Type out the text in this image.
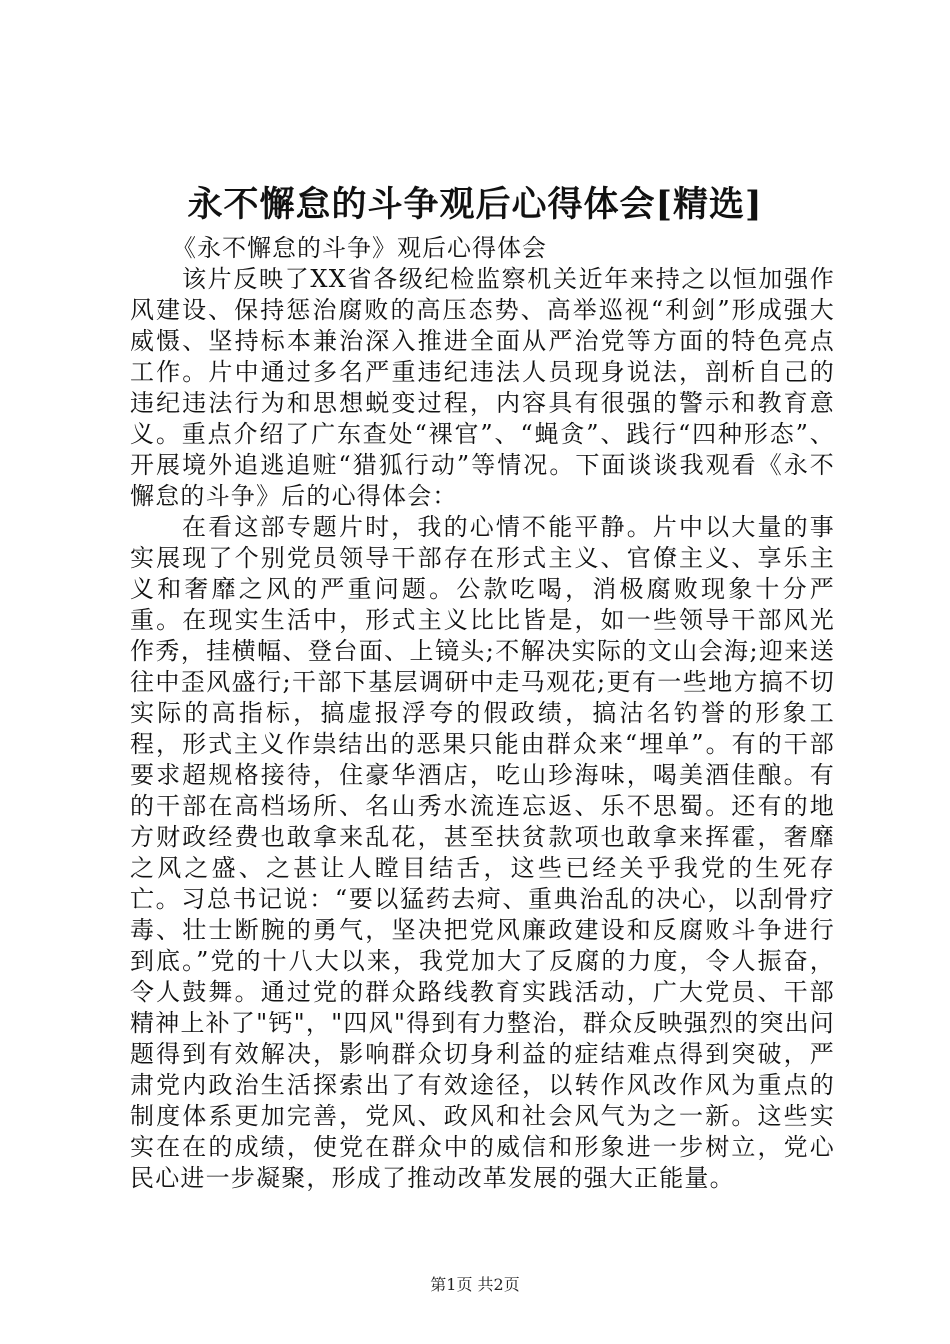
永不懈怠的斗争观后心得体会[精选]

《永不懈怠的斗争》观后心得体会

该片反映了XX省各级纪检监察机关近年来持之以恒加强作风建设、保持惩治腐败的高压态势、高举巡视“利剑”形成强大威慑、坚持标本兼治深入推进全面从严治党等方面的特色亮点工作。片中通过多名严重违纪违法人员现身说法，剖析自己的违纪违法行为和思想蜕变过程，内容具有很强的警示和教育意义。重点介绍了广东查处“裸官”、“蝇贪”、践行“四种形态”、开展境外追逃追赃“猎狐行动”等情况。下面谈谈我观看《永不懈怠的斗争》后的心得体会：

在看这部专题片时，我的心情不能平静。片中以大量的事实展现了个别党员领导干部存在形式主义、官僚主义、享乐主义和奢靡之风的严重问题。公款吃喝，消极腐败现象十分严重。在现实生活中，形式主义比比皆是，如一些领导干部风光作秀，挂横幅、登台面、上镜头;不解决实际的文山会海;迎来送往中歪风盛行;干部下基层调研中走马观花;更有一些地方搞不切实际的高指标，搞虚报浮夸的假政绩，搞沽名钓誉的形象工程，形式主义作祟结出的恶果只能由群众来“埋单”。有的干部要求超规格接待，住豪华酒店，吃山珍海味，喝美酒佳酿。有的干部在高档场所、名山秀水流连忘返、乐不思蜀。还有的地方财政经费也敢拿来乱花，甚至扶贫款项也敢拿来挥霍，奢靡之风之盛、之甚让人瞠目结舌，这些已经关乎我党的生死存亡。习总书记说：“要以猛药去疴、重典治乱的决心，以刮骨疗毒、壮士断腕的勇气，坚决把党风廉政建设和反腐败斗争进行到底。”党的十八大以来，我党加大了反腐的力度，令人振奋，令人鼓舞。通过党的群众路线教育实践活动，广大党员、干部精神上补了"钙"，"四风"得到有力整治，群众反映强烈的突出问题得到有效解决，影响群众切身利益的症结难点得到突破，严肃党内政治生活探索出了有效途径，以转作风改作风为重点的制度体系更加完善，党风、政风和社会风气为之一新。这些实实在在的成绩，使党在群众中的威信和形象进一步树立，党心民心进一步凝聚，形成了推动改革发展的强大正能量。

第1页 共2页
